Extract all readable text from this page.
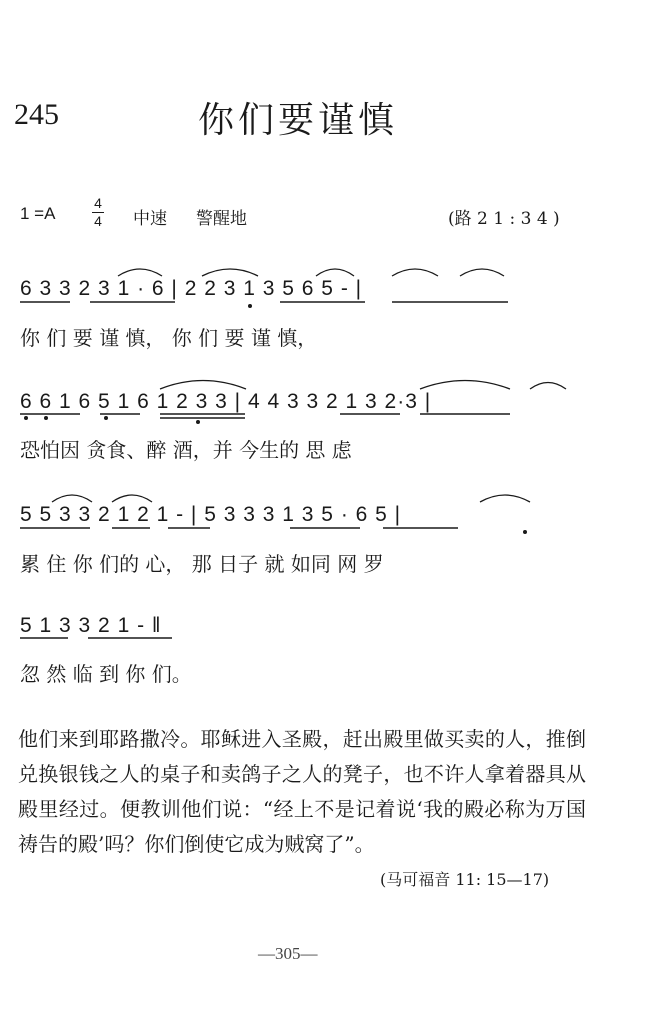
245	你们要谨慎
1 =A
4
4 中速 警醒地	(路 2 1 : 3 4 )
6 3 3 2 3 1 · 6 | 2 2 3 1 3 5 6 5 - |
你 们 要 谨 慎， 你 们 要 谨 慎，
6 6 1 6 5 1 6 1 2 3 3 | 4 4 3 3 2 1 3 2·3 |
恐怕因 贪食、醉 酒，并 今生的 思 虑
5 5 3 3 2 1 2 1 - | 5 3 3 3 1 3 5 · 6 5 |
累 住 你 们的 心， 那 日子 就 如同 网 罗
5 1 3 3 2 1 - ‖
忽 然 临 到 你 们。
他们来到耶路撒冷。耶稣进入圣殿，赶出殿里做买卖的人，推倒兑换银钱之人的桌子和卖鸽子之人的凳子，也不许人拿着器具从殿里经过。便教训他们说：“经上不是记着说‘我的殿必称为万国祷告的殿’吗？你们倒使它成为贼窝了”。
(马可福音 11: 15—17)
—305—
